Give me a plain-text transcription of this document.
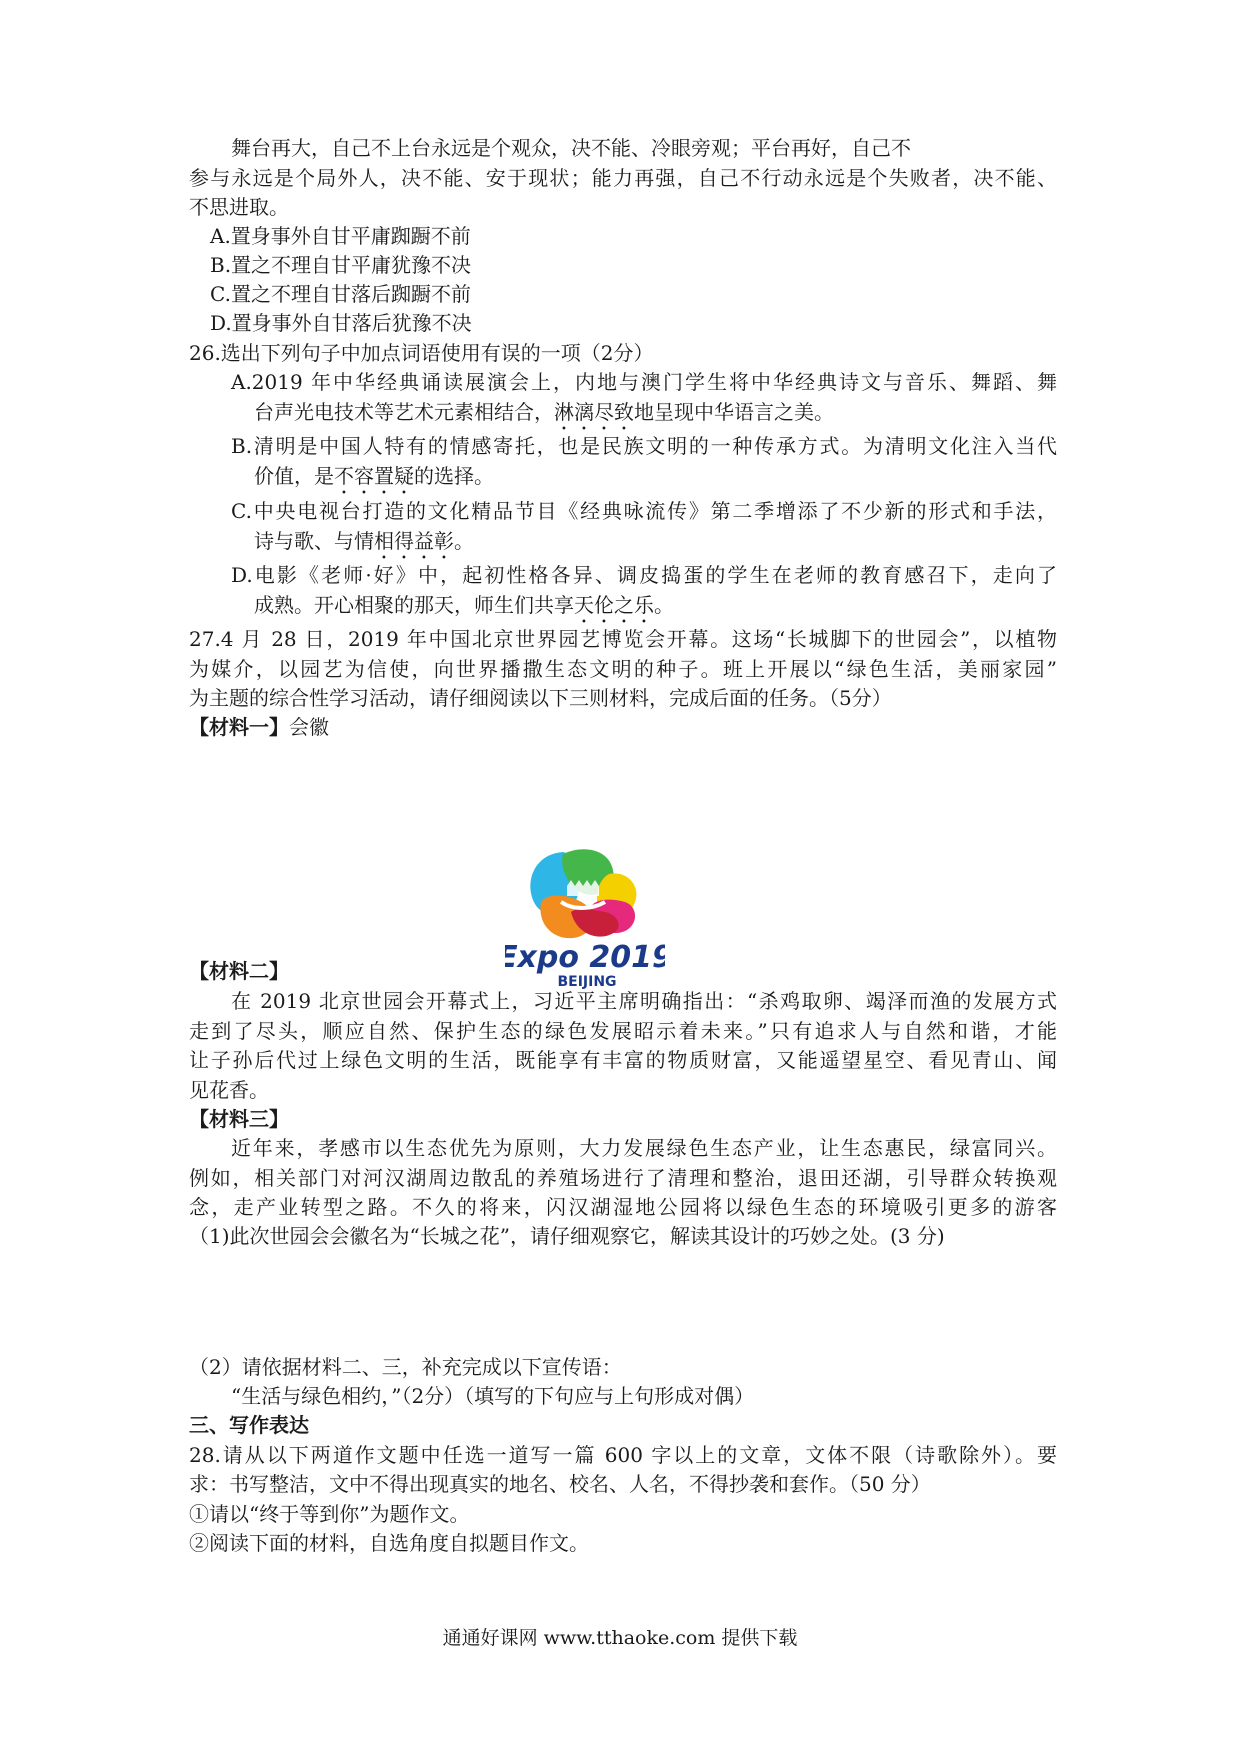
舞台再大，自己不上台永远是个观众，决不能、冷眼旁观；平台再好，自己不
参与永远是个局外人，决不能、安于现状；能力再强，自己不行动永远是个失败者，决不能、
不思进取。
A.置身事外自甘平庸踟蹰不前
B.置之不理自甘平庸犹豫不决
C.置之不理自甘落后踟蹰不前
D.置身事外自甘落后犹豫不决
26.选出下列句子中加点词语使用有误的一项（2分）
A.2019 年中华经典诵读展演会上，内地与澳门学生将中华经典诗文与音乐、舞蹈、舞
台声光电技术等艺术元素相结合，淋漓尽致地呈现中华语言之美。
B.清明是中国人特有的情感寄托，也是民族文明的一种传承方式。为清明文化注入当代
价值，是不容置疑的选择。
C.中央电视台打造的文化精品节目《经典咏流传》第二季增添了不少新的形式和手法，
诗与歌、与情相得益彰。
D.电影《老师·好》中，起初性格各异、调皮捣蛋的学生在老师的教育感召下，走向了
成熟。开心相聚的那天，师生们共享天伦之乐。
27.4 月 28 日，2019 年中国北京世界园艺博览会开幕。这场“长城脚下的世园会”，以植物
为媒介，以园艺为信使，向世界播撒生态文明的种子。班上开展以“绿色生活，美丽家园”
为主题的综合性学习活动，请仔细阅读以下三则材料，完成后面的任务。（5分）
【材料一】会徽
Expo 2019
BEIJING
【材料二】
在 2019 北京世园会开幕式上，习近平主席明确指出：“杀鸡取卵、竭泽而渔的发展方式
走到了尽头，顺应自然、保护生态的绿色发展昭示着未来。”只有追求人与自然和谐，才能
让子孙后代过上绿色文明的生活，既能享有丰富的物质财富，又能遥望星空、看见青山、闻
见花香。
【材料三】
近年来，孝感市以生态优先为原则，大力发展绿色生态产业，让生态惠民，绿富同兴。
例如，相关部门对河汉湖周边散乱的养殖场进行了清理和整治，退田还湖，引导群众转换观
念，走产业转型之路。不久的将来，闪汉湖湿地公园将以绿色生态的环境吸引更多的游客
（1)此次世园会会徽名为“长城之花”，请仔细观察它，解读其设计的巧妙之处。(3 分)
（2）请依据材料二、三，补充完成以下宣传语：
“生活与绿色相约，”（2分）（填写的下句应与上句形成对偶）
三、写作表达
28.请从以下两道作文题中任选一道写一篇 600 字以上的文章，文体不限（诗歌除外）。要
求：书写整洁，文中不得出现真实的地名、校名、人名，不得抄袭和套作。（50 分）
①请以“终于等到你”为题作文。
②阅读下面的材料，自选角度自拟题目作文。
通通好课网 www.tthaoke.com 提供下载
